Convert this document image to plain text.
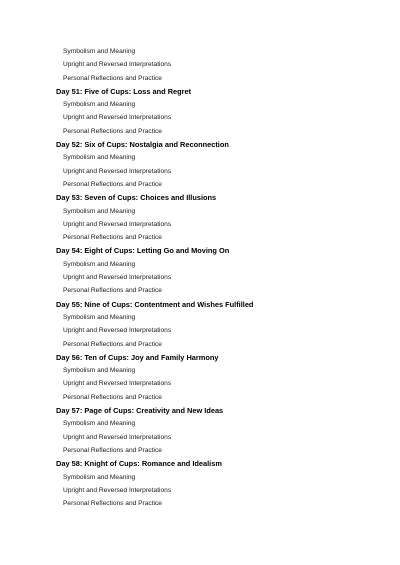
Symbolism and Meaning
Upright and Reversed Interpretations
Personal Reflections and Practice
Day 51: Five of Cups: Loss and Regret
Symbolism and Meaning
Upright and Reversed Interpretations
Personal Reflections and Practice
Day 52: Six of Cups: Nostalgia and Reconnection
Symbolism and Meaning
Upright and Reversed Interpretations
Personal Reflections and Practice
Day 53: Seven of Cups: Choices and Illusions
Symbolism and Meaning
Upright and Reversed Interpretations
Personal Reflections and Practice
Day 54: Eight of Cups: Letting Go and Moving On
Symbolism and Meaning
Upright and Reversed Interpretations
Personal Reflections and Practice
Day 55: Nine of Cups: Contentment and Wishes Fulfilled
Symbolism and Meaning
Upright and Reversed Interpretations
Personal Reflections and Practice
Day 56: Ten of Cups: Joy and Family Harmony
Symbolism and Meaning
Upright and Reversed Interpretations
Personal Reflections and Practice
Day 57: Page of Cups: Creativity and New Ideas
Symbolism and Meaning
Upright and Reversed Interpretations
Personal Reflections and Practice
Day 58: Knight of Cups: Romance and Idealism
Symbolism and Meaning
Upright and Reversed Interpretations
Personal Reflections and Practice
